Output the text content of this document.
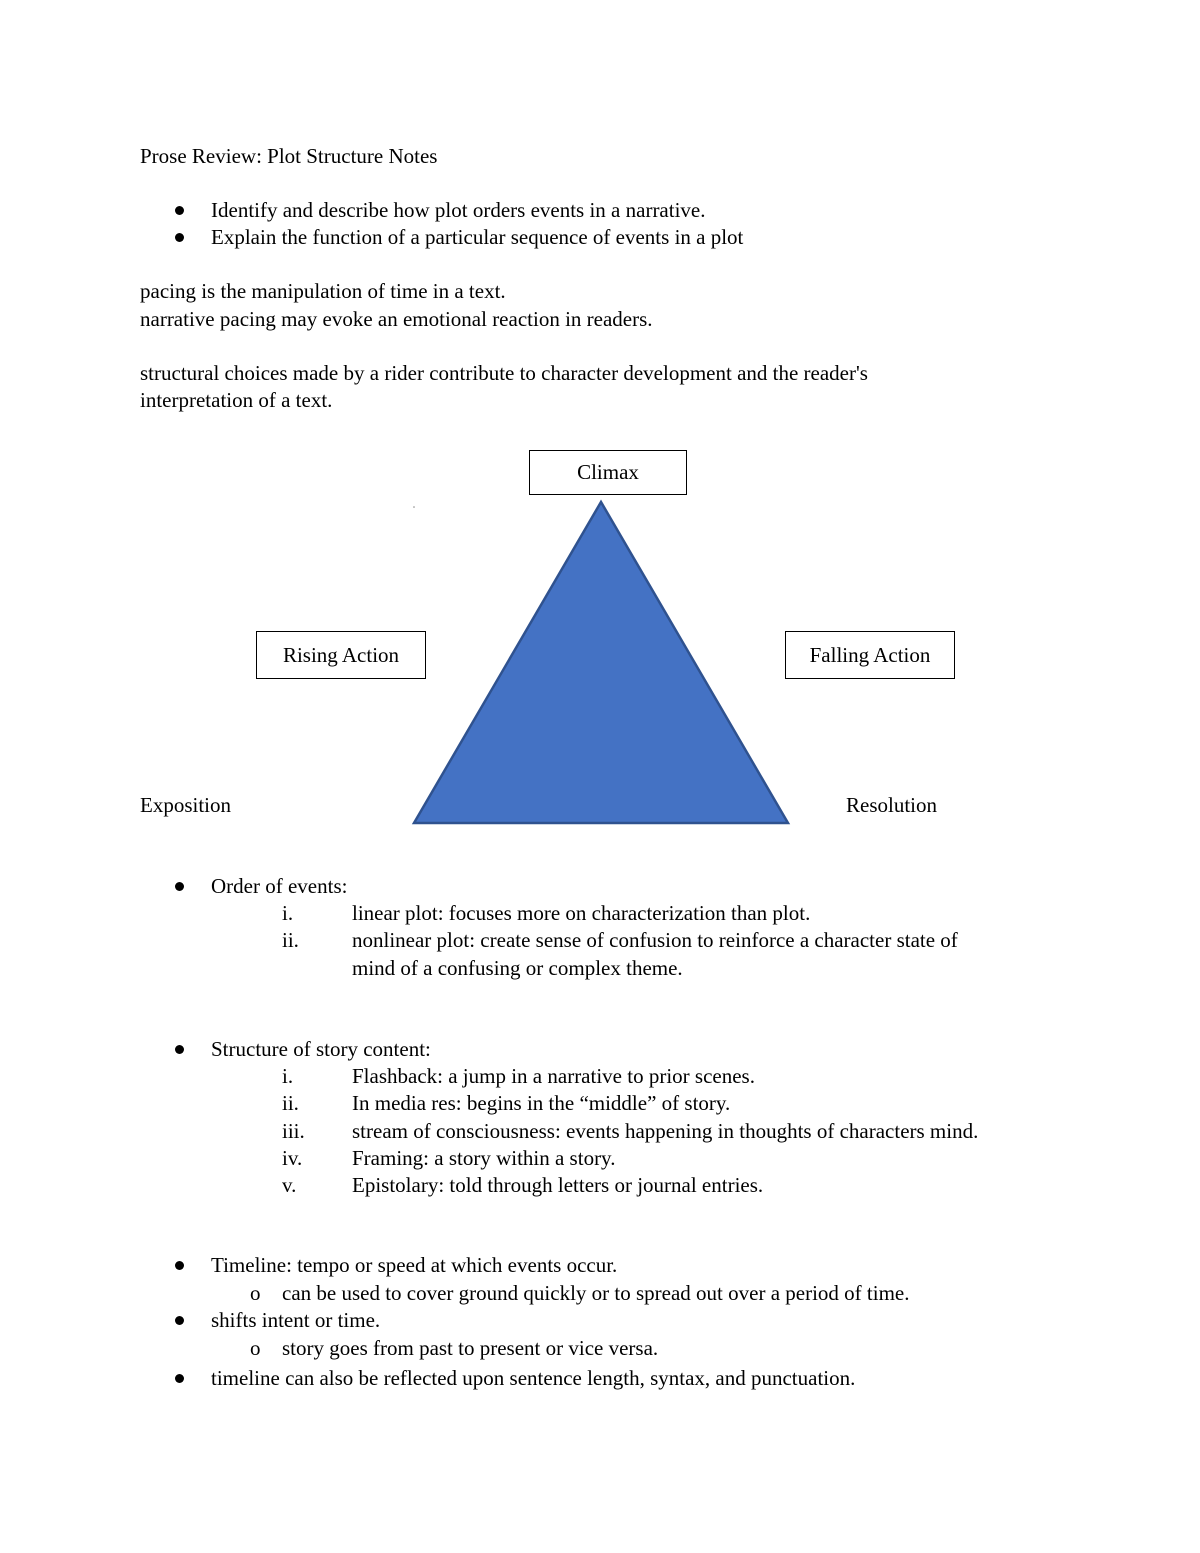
Prose Review: Plot Structure Notes
Identify and describe how plot orders events in a narrative.
Explain the function of a particular sequence of events in a plot
pacing is the manipulation of time in a text.
narrative pacing may evoke an emotional reaction in readers.
structural choices made by a rider contribute to character development and the reader's
interpretation of a text.
Climax
Rising Action	Falling Action
Exposition	Resolution
Order of events:
i.	linear plot: focuses more on characterization than plot.
ii.	nonlinear plot: create sense of confusion to reinforce a character state of
mind of a confusing or complex theme.
Structure of story content:
i.	Flashback: a jump in a narrative to prior scenes.
ii.	In media res: begins in the “middle” of story.
iii. stream of consciousness: events happening in thoughts of characters mind.
iv. Framing: a story within a story.
v.	Epistolary: told through letters or journal entries.
Timeline: tempo or speed at which events occur.
o can be used to cover ground quickly or to spread out over a period of time.
shifts intent or time.
o story goes from past to present or vice versa.
timeline can also be reflected upon sentence length, syntax, and punctuation.
